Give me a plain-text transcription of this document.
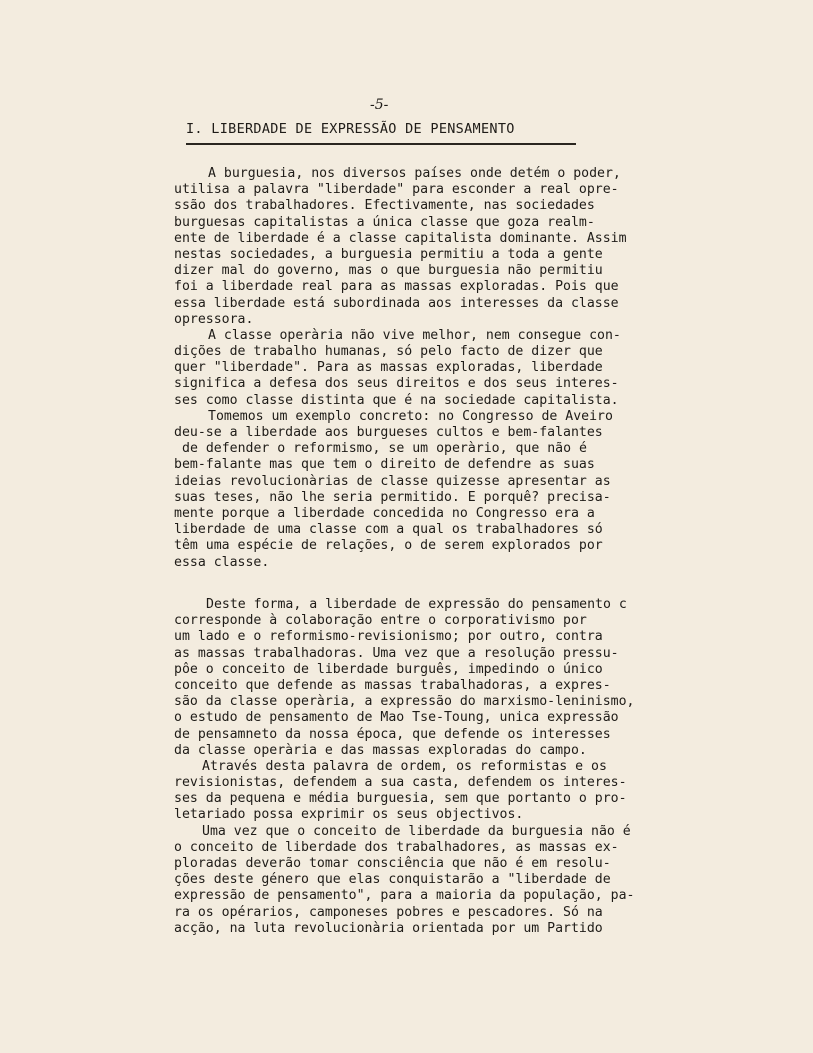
-5-
I. LIBERDADE DE EXPRESSÃO DE PENSAMENTO
A burguesia, nos diversos países onde detém o poder,
utilisa a palavra "liberdade" para esconder a real opre-
ssão dos trabalhadores. Efectivamente, nas sociedades
burguesas capitalistas a única classe que goza realm-
ente de liberdade é a classe capitalista dominante. Assim
nestas sociedades, a burguesia permitiu a toda a gente
dizer mal do governo, mas o que burguesia não permitiu
foi a liberdade real para as massas exploradas. Pois que
essa liberdade está subordinada aos interesses da classe
opressora.
A classe operària não vive melhor, nem consegue con-
dições de trabalho humanas, só pelo facto de dizer que
quer "liberdade". Para as massas exploradas, liberdade
significa a defesa dos seus direitos e dos seus interes-
ses como classe distinta que é na sociedade capitalista.
Tomemos um exemplo concreto: no Congresso de Aveiro
deu-se a liberdade aos burgueses cultos e bem-falantes
de defender o reformismo, se um operàrio, que não é
bem-falante mas que tem o direito de defendre as suas
ideias revolucionàrias de classe quizesse apresentar as
suas teses, não lhe seria permitido. E porquê? precisa-
mente porque a liberdade concedida no Congresso era a
liberdade de uma classe com a qual os trabalhadores só
têm uma espécie de relações, o de serem explorados por
essa classe.
Deste forma, a liberdade de expressão do pensamento c
corresponde à colaboração entre o corporativismo por
um lado e o reformismo-revisionismo; por outro, contra
as massas trabalhadoras. Uma vez que a resolução pressu-
pôe o conceito de liberdade burguês, impedindo o único
conceito que defende as massas trabalhadoras, a expres-
são da classe operària, a expressão do marxismo-leninismo,
o estudo de pensamento de Mao Tse-Toung, unica expressão
de pensamneto da nossa época, que defende os interesses
da classe operària e das massas exploradas do campo.
Através desta palavra de ordem, os reformistas e os
revisionistas, defendem a sua casta, defendem os interes-
ses da pequena e média burguesia, sem que portanto o pro-
letariado possa exprimir os seus objectivos.
Uma vez que o conceito de liberdade da burguesia não é
o conceito de liberdade dos trabalhadores, as massas ex-
ploradas deverão tomar consciência que não é em resolu-
ções deste género que elas conquistarão a "liberdade de
expressão de pensamento", para a maioria da população, pa-
ra os opérarios, camponeses pobres e pescadores. Só na
acção, na luta revolucionària orientada por um Partido
